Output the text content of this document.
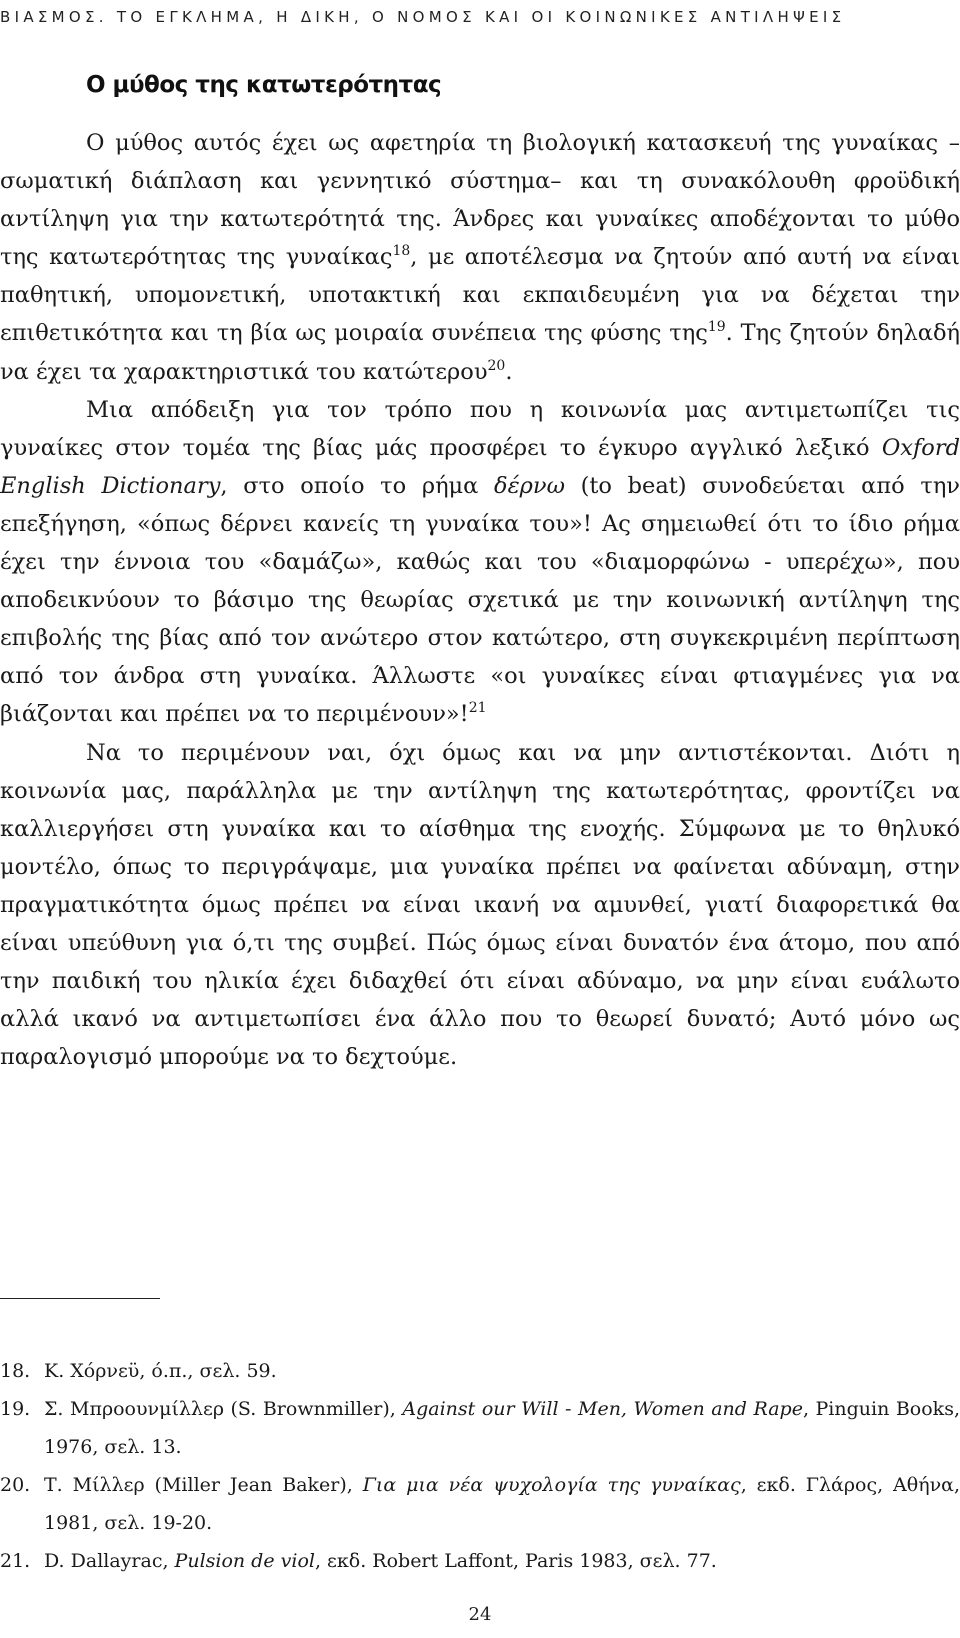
ΒΙΑΣΜΟΣ. ΤΟ ΕΓΚΛΗΜΑ, Η ΔΙΚΗ, Ο ΝΟΜΟΣ ΚΑΙ ΟΙ ΚΟΙΝΩΝΙΚΕΣ ΑΝΤΙΛΗΨΕΙΣ
Ο μύθος της κατωτερότητας

Ο μύθος αυτός έχει ως αφετηρία τη βιολογική κατασκευή της γυναίκας –σωματική διάπλαση και γεννητικό σύστημα– και τη συνακόλουθη φροϋδική αντίληψη για την κατωτερότητά της. Άνδρες και γυναίκες αποδέχονται το μύθο της κατωτερότητας της γυναίκας$^{18}$, με αποτέλεσμα να ζητούν από αυτή να είναι παθητική, υπομονετική, υποτακτική και εκπαιδευμένη για να δέχεται την επιθετικότητα και τη βία ως μοιραία συνέπεια της φύσης της$^{19}$. Της ζητούν δηλαδή να έχει τα χαρακτηριστικά του κατώτερου$^{20}$.

Μια απόδειξη για τον τρόπο που η κοινωνία μας αντιμετωπίζει τις γυναίκες στον τομέα της βίας μάς προσφέρει το έγκυρο αγγλικό λεξικό Oxford English Dictionary, στο οποίο το ρήμα δέρνω (to beat) συνοδεύεται από την επεξήγηση, «όπως δέρνει κανείς τη γυναίκα του»! Ας σημειωθεί ότι το ίδιο ρήμα έχει την έννοια του «δαμάζω», καθώς και του «διαμορφώνω - υπερέχω», που αποδεικνύουν το βάσιμο της θεωρίας σχετικά με την κοινωνική αντίληψη της επιβολής της βίας από τον ανώτερο στον κατώτερο, στη συγκεκριμένη περίπτωση από τον άνδρα στη γυναίκα. Άλλωστε «οι γυναίκες είναι φτιαγμένες για να βιάζονται και πρέπει να το περιμένουν»!$^{21}$

Να το περιμένουν ναι, όχι όμως και να μην αντιστέκονται. Διότι η κοινωνία μας, παράλληλα με την αντίληψη της κατωτερότητας, φροντίζει να καλλιεργήσει στη γυναίκα και το αίσθημα της ενοχής. Σύμφωνα με το θηλυκό μοντέλο, όπως το περιγράψαμε, μια γυναίκα πρέπει να φαίνεται αδύναμη, στην πραγματικότητα όμως πρέπει να είναι ικανή να αμυνθεί, γιατί διαφορετικά θα είναι υπεύθυνη για ό,τι της συμβεί. Πώς όμως είναι δυνατόν ένα άτομο, που από την παιδική του ηλικία έχει διδαχθεί ότι είναι αδύναμο, να μην είναι ευάλωτο αλλά ικανό να αντιμετωπίσει ένα άλλο που το θεωρεί δυνατό; Αυτό μόνο ως παραλογισμό μπορούμε να το δεχτούμε.

18. Κ. Χόρνεϋ, ό.π., σελ. 59.
19. Σ. Μπροουνμίλλερ (S. Brownmiller), Against our Will - Men, Women and Rape, Pinguin Books, 1976, σελ. 13.
20. Τ. Μίλλερ (Miller Jean Baker), Για μια νέα ψυχολογία της γυναίκας, εκδ. Γλάρος, Αθήνα, 1981, σελ. 19-20.
21. D. Dallayrac, Pulsion de viol, εκδ. Robert Laffont, Paris 1983, σελ. 77.
24
